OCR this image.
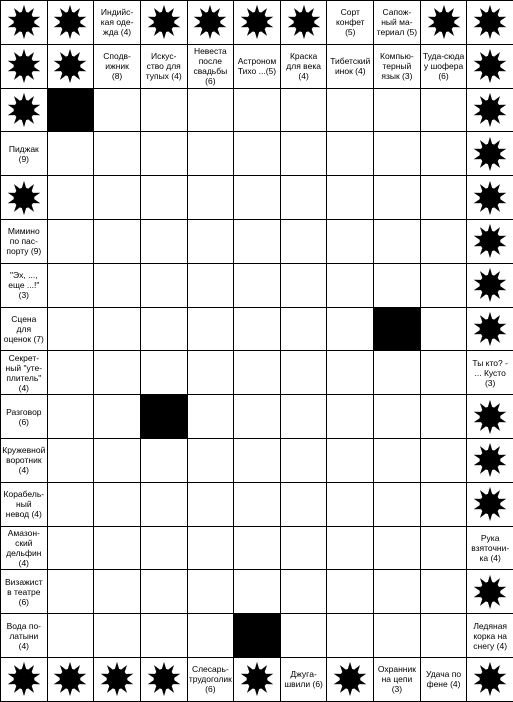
Индийс-
кая оде-
жда (4)
Сорт
конфет
(5)
Сапож-
ный ма-
териал (5)
Сподв-
ижник
(8)
Искус-
ство для
тупых (4)
Невеста
после
свадьбы (6)
Астроном
Тихо ...(5)
Краска
для века
(4)
Тибетский
инок (4)
Компью-
терный
язык (3)
Туда-сюда
у шофера
(6)
Пиджак
(9)
Мимино
по пас-
порту (9)
"Эх, ...,
еще ...!"
(3)
Сцена
для
оценок (7)
Секрет-
ный "уте-
плитель"
(4)
Ты кто? -
... Кусто
(3)
Разговор
(6)
Кружевной
воротник
(4)
Корабель-
ный
невод (4)
Амазон-
ский
дельфин
(4)
Рука
взяточни-
ка (4)
Визажист
в театре
(6)
Вода по-
латыни
(4)
Ледяная
корка на
снегу (4)
Слесарь-
трудоголик (6)
Джугa-
швили (6)
Охранник
на цепи
(3)
Удача по
фене (4)
